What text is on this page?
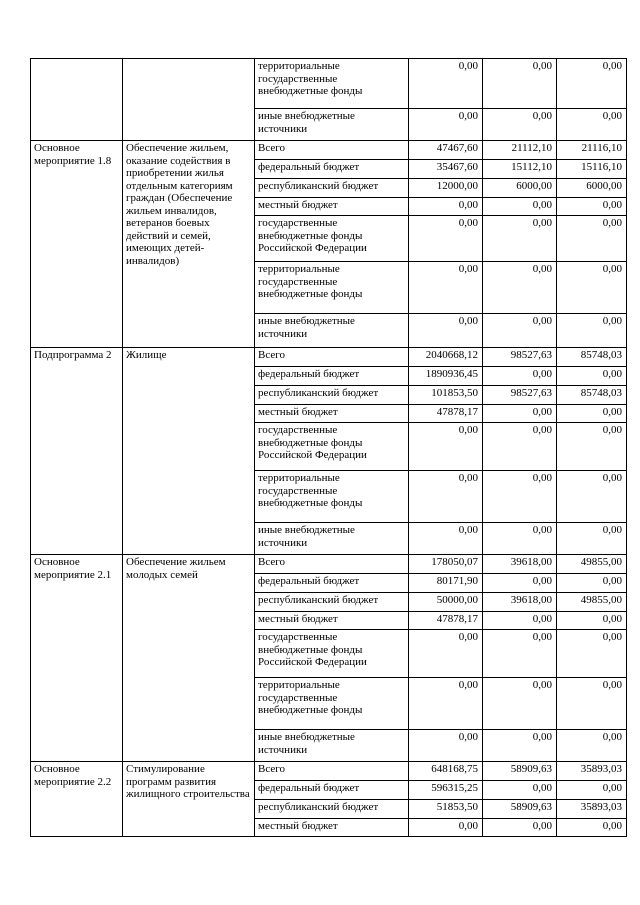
		территориальные государственные внебюджетные фонды	0,00	0,00	0,00
		иные внебюджетные источники	0,00	0,00	0,00
Основное мероприятие 1.8	Обеспечение жильем, оказание содействия в приобретении жилья отдельным категориям граждан (Обеспечение жильем инвалидов, ветеранов боевых действий и семей, имеющих детей-инвалидов)	Всего	47467,60	21112,10	21116,10
		федеральный бюджет	35467,60	15112,10	15116,10
		республиканский бюджет	12000,00	6000,00	6000,00
		местный бюджет	0,00	0,00	0,00
		государственные внебюджетные фонды Российской Федерации	0,00	0,00	0,00
		территориальные государственные внебюджетные фонды	0,00	0,00	0,00
		иные внебюджетные источники	0,00	0,00	0,00
Подпрограмма 2	Жилище	Всего	2040668,12	98527,63	85748,03
		федеральный бюджет	1890936,45	0,00	0,00
		республиканский бюджет	101853,50	98527,63	85748,03
		местный бюджет	47878,17	0,00	0,00
		государственные внебюджетные фонды Российской Федерации	0,00	0,00	0,00
		территориальные государственные внебюджетные фонды	0,00	0,00	0,00
		иные внебюджетные источники	0,00	0,00	0,00
Основное мероприятие 2.1	Обеспечение жильем молодых семей	Всего	178050,07	39618,00	49855,00
		федеральный бюджет	80171,90	0,00	0,00
		республиканский бюджет	50000,00	39618,00	49855,00
		местный бюджет	47878,17	0,00	0,00
		государственные внебюджетные фонды Российской Федерации	0,00	0,00	0,00
		территориальные государственные внебюджетные фонды	0,00	0,00	0,00
		иные внебюджетные источники	0,00	0,00	0,00
Основное мероприятие 2.2	Стимулирование программ развития жилищного строительства	Всего	648168,75	58909,63	35893,03
		федеральный бюджет	596315,25	0,00	0,00
		республиканский бюджет	51853,50	58909,63	35893,03
		местный бюджет	0,00	0,00	0,00
